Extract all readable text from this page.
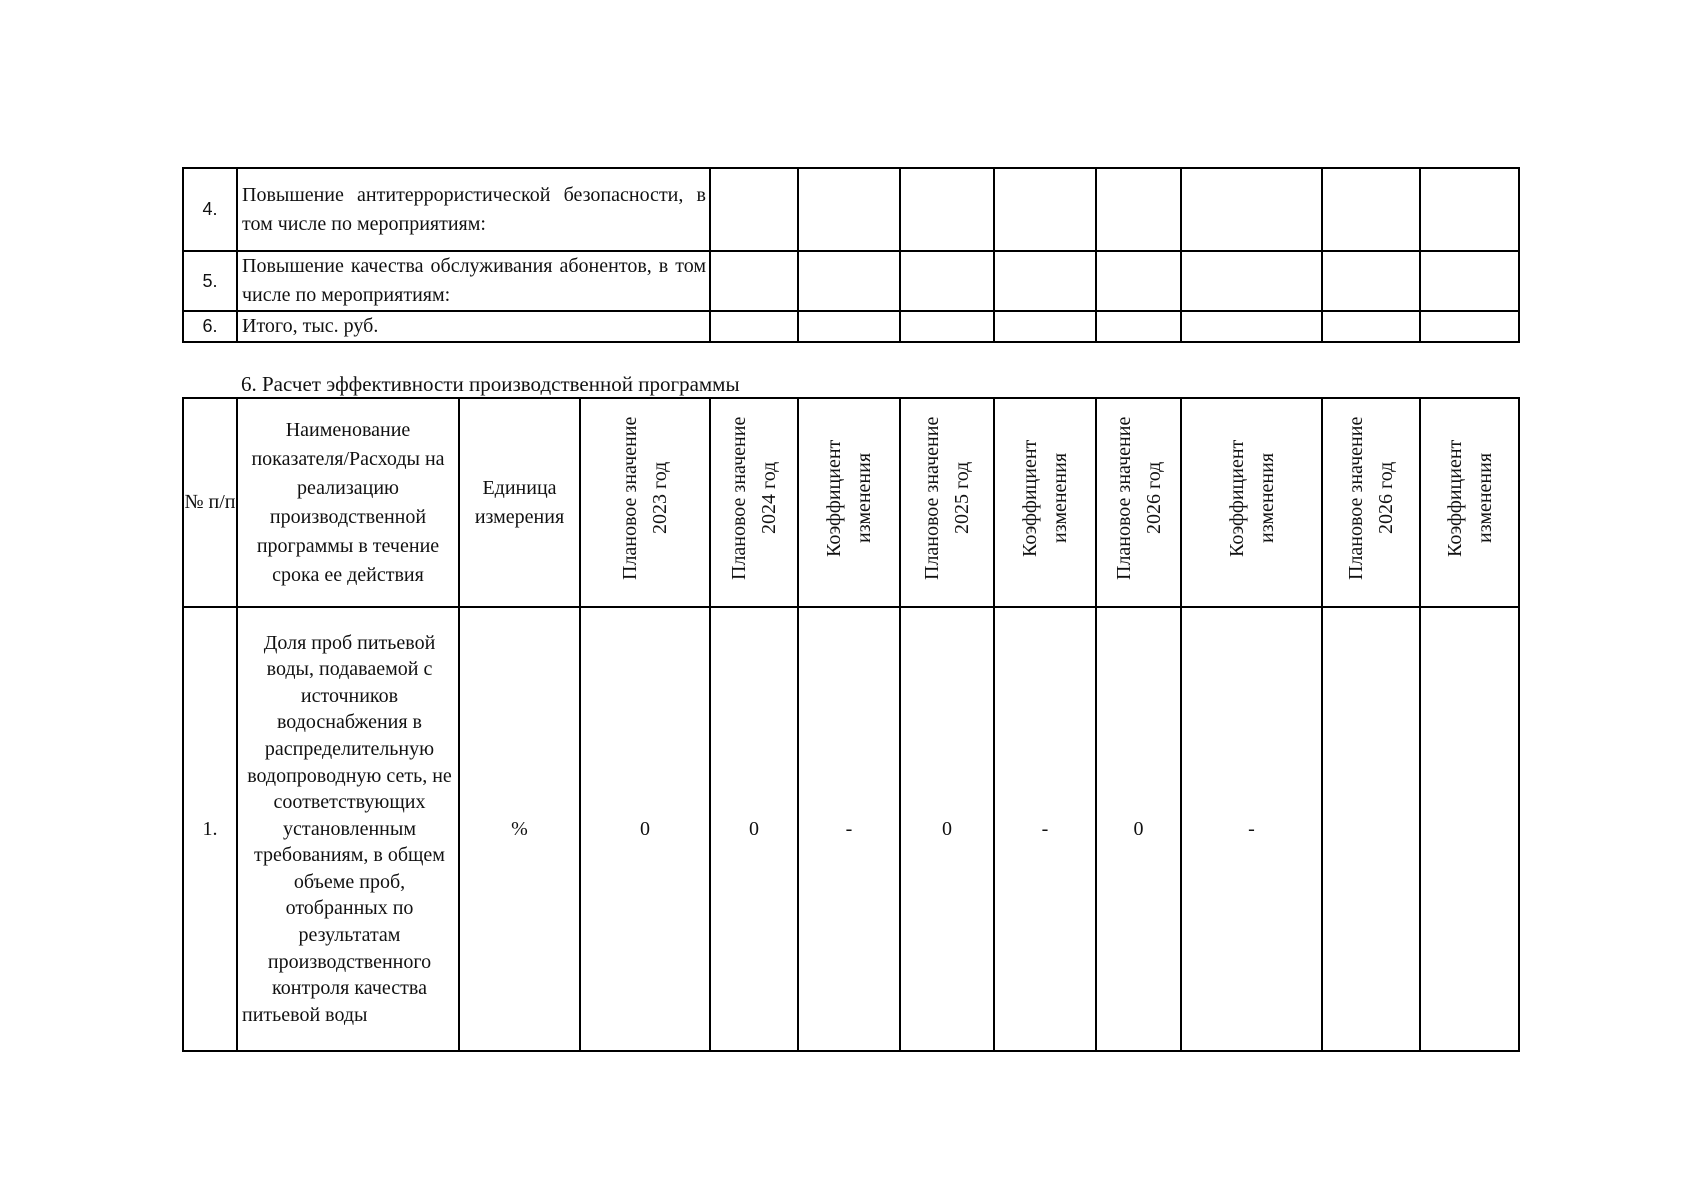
4.	Повышение антитеррористической безопасности, в том числе по мероприятиям:								
5.	Повышение качества обслуживания абонентов, в том числе по мероприятиям:								
6.	Итого, тыс. руб.								
6. Расчет эффективности производственной программы
№ п/п	Наименование показателя/Расходы на реализацию производственной программы в течение срока ее действия	Единица измерения	Плановое значение 2023 год	Плановое значение 2024 год	Коэффициент изменения	Плановое значение 2025 год	Коэффициент изменения	Плановое значение 2026 год	Коэффициент изменения	Плановое значение 2026 год	Коэффициент изменения
1.	Доля проб питьевой воды, подаваемой с источников водоснабжения в распределительную водопроводную сеть, не соответствующих установленным требованиям, в общем объеме проб, отобранных по результатам производственного контроля качества питьевой воды	%	0	0	-	0	-	0	-		
